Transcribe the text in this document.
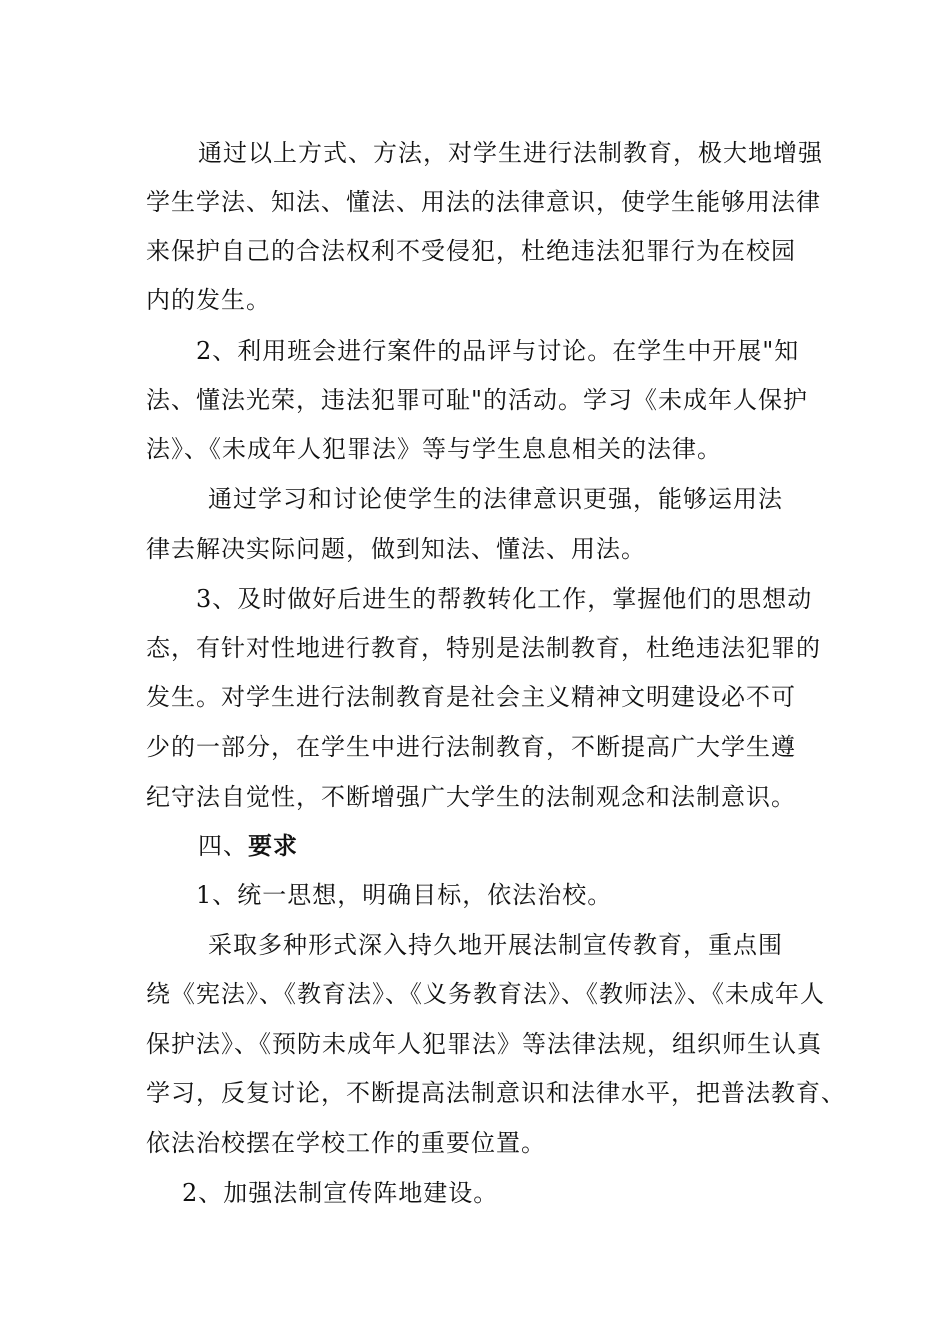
通过以上方式、方法，对学生进行法制教育，极大地增强
学生学法、知法、懂法、用法的法律意识，使学生能够用法律
来保护自己的合法权利不受侵犯，杜绝违法犯罪行为在校园
内的发生。
2、利用班会进行案件的品评与讨论。在学生中开展"知
法、懂法光荣，违法犯罪可耻"的活动。学习《未成年人保护
法》、《未成年人犯罪法》等与学生息息相关的法律。
通过学习和讨论使学生的法律意识更强，能够运用法
律去解决实际问题，做到知法、懂法、用法。
3、及时做好后进生的帮教转化工作，掌握他们的思想动
态，有针对性地进行教育，特别是法制教育，杜绝违法犯罪的
发生。对学生进行法制教育是社会主义精神文明建设必不可
少的一部分，在学生中进行法制教育，不断提高广大学生遵
纪守法自觉性，不断增强广大学生的法制观念和法制意识。
四、要求
1、统一思想，明确目标，依法治校。
采取多种形式深入持久地开展法制宣传教育，重点围
绕《宪法》、《教育法》、《义务教育法》、《教师法》、《未成年人
保护法》、《预防未成年人犯罪法》等法律法规，组织师生认真
学习，反复讨论，不断提高法制意识和法律水平，把普法教育、
依法治校摆在学校工作的重要位置。
2、加强法制宣传阵地建设。
